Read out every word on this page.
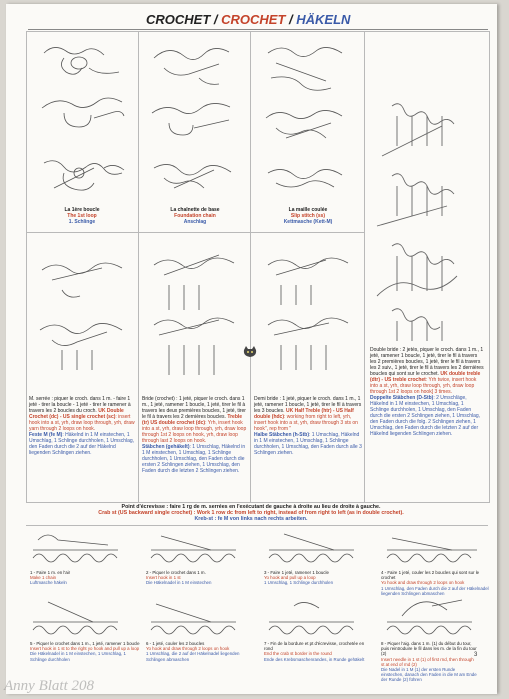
CROCHET / CROCHET / HÄKELN
La 1ère boucle
The 1st loop
1. Schlinge
La chaînette de base
Foundation chain
Anschlag
La maille coulée
Slip stitch (ss)
Kettmasche (Kett-M)
M. serrée : piquer le croch. dans 1 m. - faire 1 jeté - tirer la boucle - 1 jeté - tirer le ramener à travers les 2 boucles du croch. UK Double Crochet (dc) - US single crochet (sc): insert hook into a st, yrh, draw loop through, yrh, draw yarn through 2 loops on hook.
Feste M (fe M): Häkelnd in 1 M einstechen, 1 Umschlag, 1 Schlinge durchholen, 1 Umschlag, den Faden durch die 2 auf der Häkelnd liegenden Schlingen ziehen.
Bride (crochet) : 1 jeté, piquer le croch. dans 1 m., 1 jeté, ramener 1 boucle, 1 jeté, tirer le fil à travers les deux premières boucles, 1 jeté, tirer le fil à travers les 2 dernières boucles. Treble (tr) US double crochet (dc): Yrh, insert hook into a st, yrh, draw loop through, yrh, draw loop through 1st 2 loops on hook, yrh, draw loop through last 2 loops on hook.
Stäbchen (gehäkelt): 1 Umschlag, Häkelnd in 1 M einstechen, 1 Umschlag, 1 Schlinge durchholen, 1 Umschlag, den Faden durch die ersten 2 Schlingen ziehen, 1 Umschlag, den Faden durch die letzten 2 Schlingen ziehen.
Demi bride : 1 jeté, piquer le croch. dans 1 m., 1 jeté, ramener 1 boucle, 1 jeté, tirer le fil à travers les 3 boucles. UK Half Treble (htr) - US Half double (hdc): working from right to left, yrh, insert hook into a st, yrh, draw through 3 sts on hook", rep from "
Halbe Stäbchen (h-Stb): 1 Umschlag, Häkelnd in 1 M einstechen, 1 Umschlag, 1 Schlinge durchholen, 1 Umschlag, den Faden durch alle 3 Schlingen ziehen.
Double bride : 2 jetés, piquer le croch. dans 1 m., 1 jeté, ramener 1 boucle, 1 jeté, tirer le fil à travers les 2 premières boucles, 1 jeté, tirer le fil à travers les 2 suiv., 1 jeté, tirer le fil à travers les 2 dernières boucles qui sont sur le crochet. UK double treble (dtr) - US treble crochet: Yrh twice, insert hook into a st, yrh, draw loop through, yrh, draw loop through 1st 2 loops on hook] 3 times.
Doppelte Stäbchen (D-Stb): 2 Umschläge, Häkelnd in 1 M einstechen, 1 Umschlag, 1 Schlinge durchholen, 1 Umschlag, den Faden durch die ersten 2 Schlingen ziehen, 1 Umschlag, den Faden durch die folg. 2 Schlingen ziehen, 1 Umschlag, den Faden durch die letzten 2 auf der Häkelnd liegenden Schlingen ziehen.
Point d'écrevisse : faire 1 rg de m. serrées en l'exécutant de gauche à droite au lieu de droite à gauche.
Crab st (US backward single crochet) : Work 1 row dc from left to right, instead of from right to left (as in double crochet).
Kreb-st : fe M von links nach rechts arbeiten.
1 - Faire 1 m. en l'air
Make 1 chain
Luftmasche häkeln
2 - Piquer le crochet dans 1 m.
Insert hook in 1 st
Die Häkelnadel in 1 M einstechen
3 - Faire 1 jeté, ramener 1 boucle
Yo hook and pull up a loop
1 Umschlag, 1 Schlinge durchholen
4 - Faire 1 jeté, couler les 2 boucles qui sont sur le crochet
Yo hook and draw through 2 loops on hook
1 Umschlag, den Faden durch die 2 auf der Häkelnadel liegenden Schlingen abmaschen
5 - Piquer le crochet dans 1 m., 1 jeté, ramener 1 boucle
Insert hook in 1 st to the right yo hook and pull up a loop
Die Häkelnadel in 1 M einstechen, 1 Umschlag, 1 Schlinge durchholen
6 - 1 jeté, couler les 2 boucles
Yo hook and draw through 2 loops on hook
1 Umschlag, die 2 auf der Häkelnadel liegenden Schlingen abmaschen
7 - Fin de la bordure et pt d'écrevisse, crochetée en rond
End the crab st border in the round
Ende des Krebsmaschenrandes, in Runde gehäkelt
8 - Piquer l'aig. dans 1 m. (1) du début du tour, puis reintroduire le fil dans les m. de la fin du tour (2)
Insert needle in 1 st (1) of first rnd, then through st at end of rnd (2)
Die Nadel in 1 M (1) der ersten Runde einstechen, danach den Faden in die M am Ende der Runde (2) führen
3
Anny Blatt 208
